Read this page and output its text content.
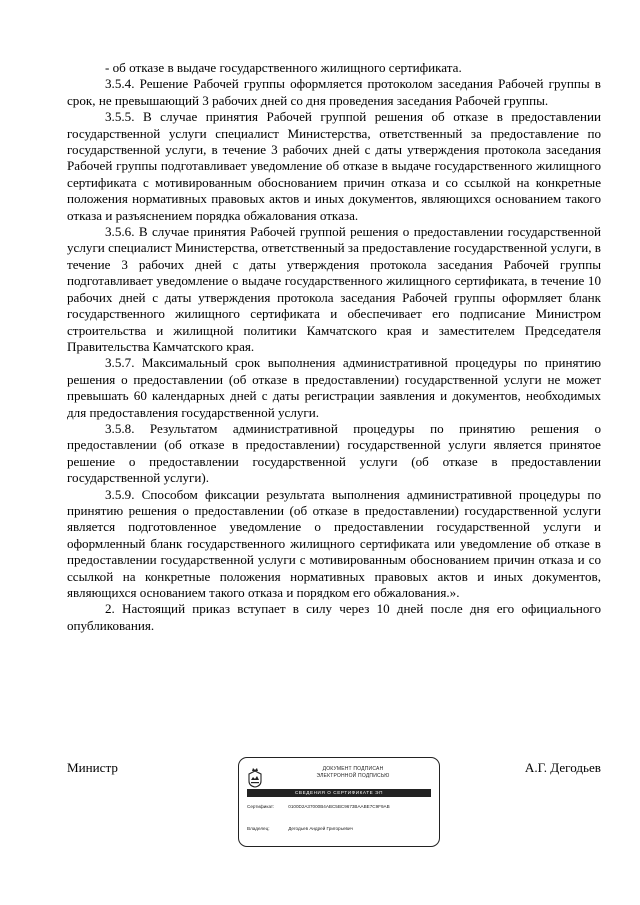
- об отказе в выдаче государственного жилищного сертификата.

3.5.4. Решение Рабочей группы оформляется протоколом заседания Рабочей группы в срок, не превышающий 3 рабочих дней со дня проведения заседания Рабочей группы.

3.5.5. В случае принятия Рабочей группой решения об отказе в предоставлении государственной услуги специалист Министерства, ответственный за предоставление по государственной услуги, в течение 3 рабочих дней с даты утверждения протокола заседания Рабочей группы подготавливает уведомление об отказе в выдаче государственного жилищного сертификата с мотивированным обоснованием причин отказа и со ссылкой на конкретные положения нормативных правовых актов и иных документов, являющихся основанием такого отказа и разъяснением порядка обжалования отказа.

3.5.6. В случае принятия Рабочей группой решения о предоставлении государственной услуги специалист Министерства, ответственный за предоставление государственной услуги, в течение 3 рабочих дней с даты утверждения протокола заседания Рабочей группы подготавливает уведомление о выдаче государственного жилищного сертификата, в течение 10 рабочих дней с даты утверждения протокола заседания Рабочей группы оформляет бланк государственного жилищного сертификата и обеспечивает его подписание Министром строительства и жилищной политики Камчатского края и заместителем Председателя Правительства Камчатского края.

3.5.7. Максимальный срок выполнения административной процедуры по принятию решения о предоставлении (об отказе в предоставлении) государственной услуги не может превышать 60 календарных дней с даты регистрации заявления и документов, необходимых для предоставления государственной услуги.

3.5.8. Результатом административной процедуры по принятию решения о предоставлении (об отказе в предоставлении) государственной услуги является принятое решение о предоставлении государственной услуги (об отказе в предоставлении государственной услуги).

3.5.9. Способом фиксации результата выполнения административной процедуры по принятию решения о предоставлении (об отказе в предоставлении) государственной услуги является подготовленное уведомление о предоставлении государственной услуги и оформленный бланк государственного жилищного сертификата или уведомление об отказе в предоставлении государственной услуги с мотивированным обоснованием причин отказа и со ссылкой на конкретные положения нормативных правовых актов и иных документов, являющихся основанием такого отказа и порядком его обжалования.».

2. Настоящий приказ вступает в силу через 10 дней после дня его официального опубликования.

Министр	А.Г. Дегодьев
ДОКУМЕНТ ПОДПИСАН
ЭЛЕКТРОННОЙ ПОДПИСЬЮ
СВЕДЕНИЯ О СЕРТИФИКАТЕ ЭП
Сертификат:	0100D2A37000B4ABC5BC9673BAABE7C9F9AB
Владелец:	Дегодьев Андрей Григорьевич
